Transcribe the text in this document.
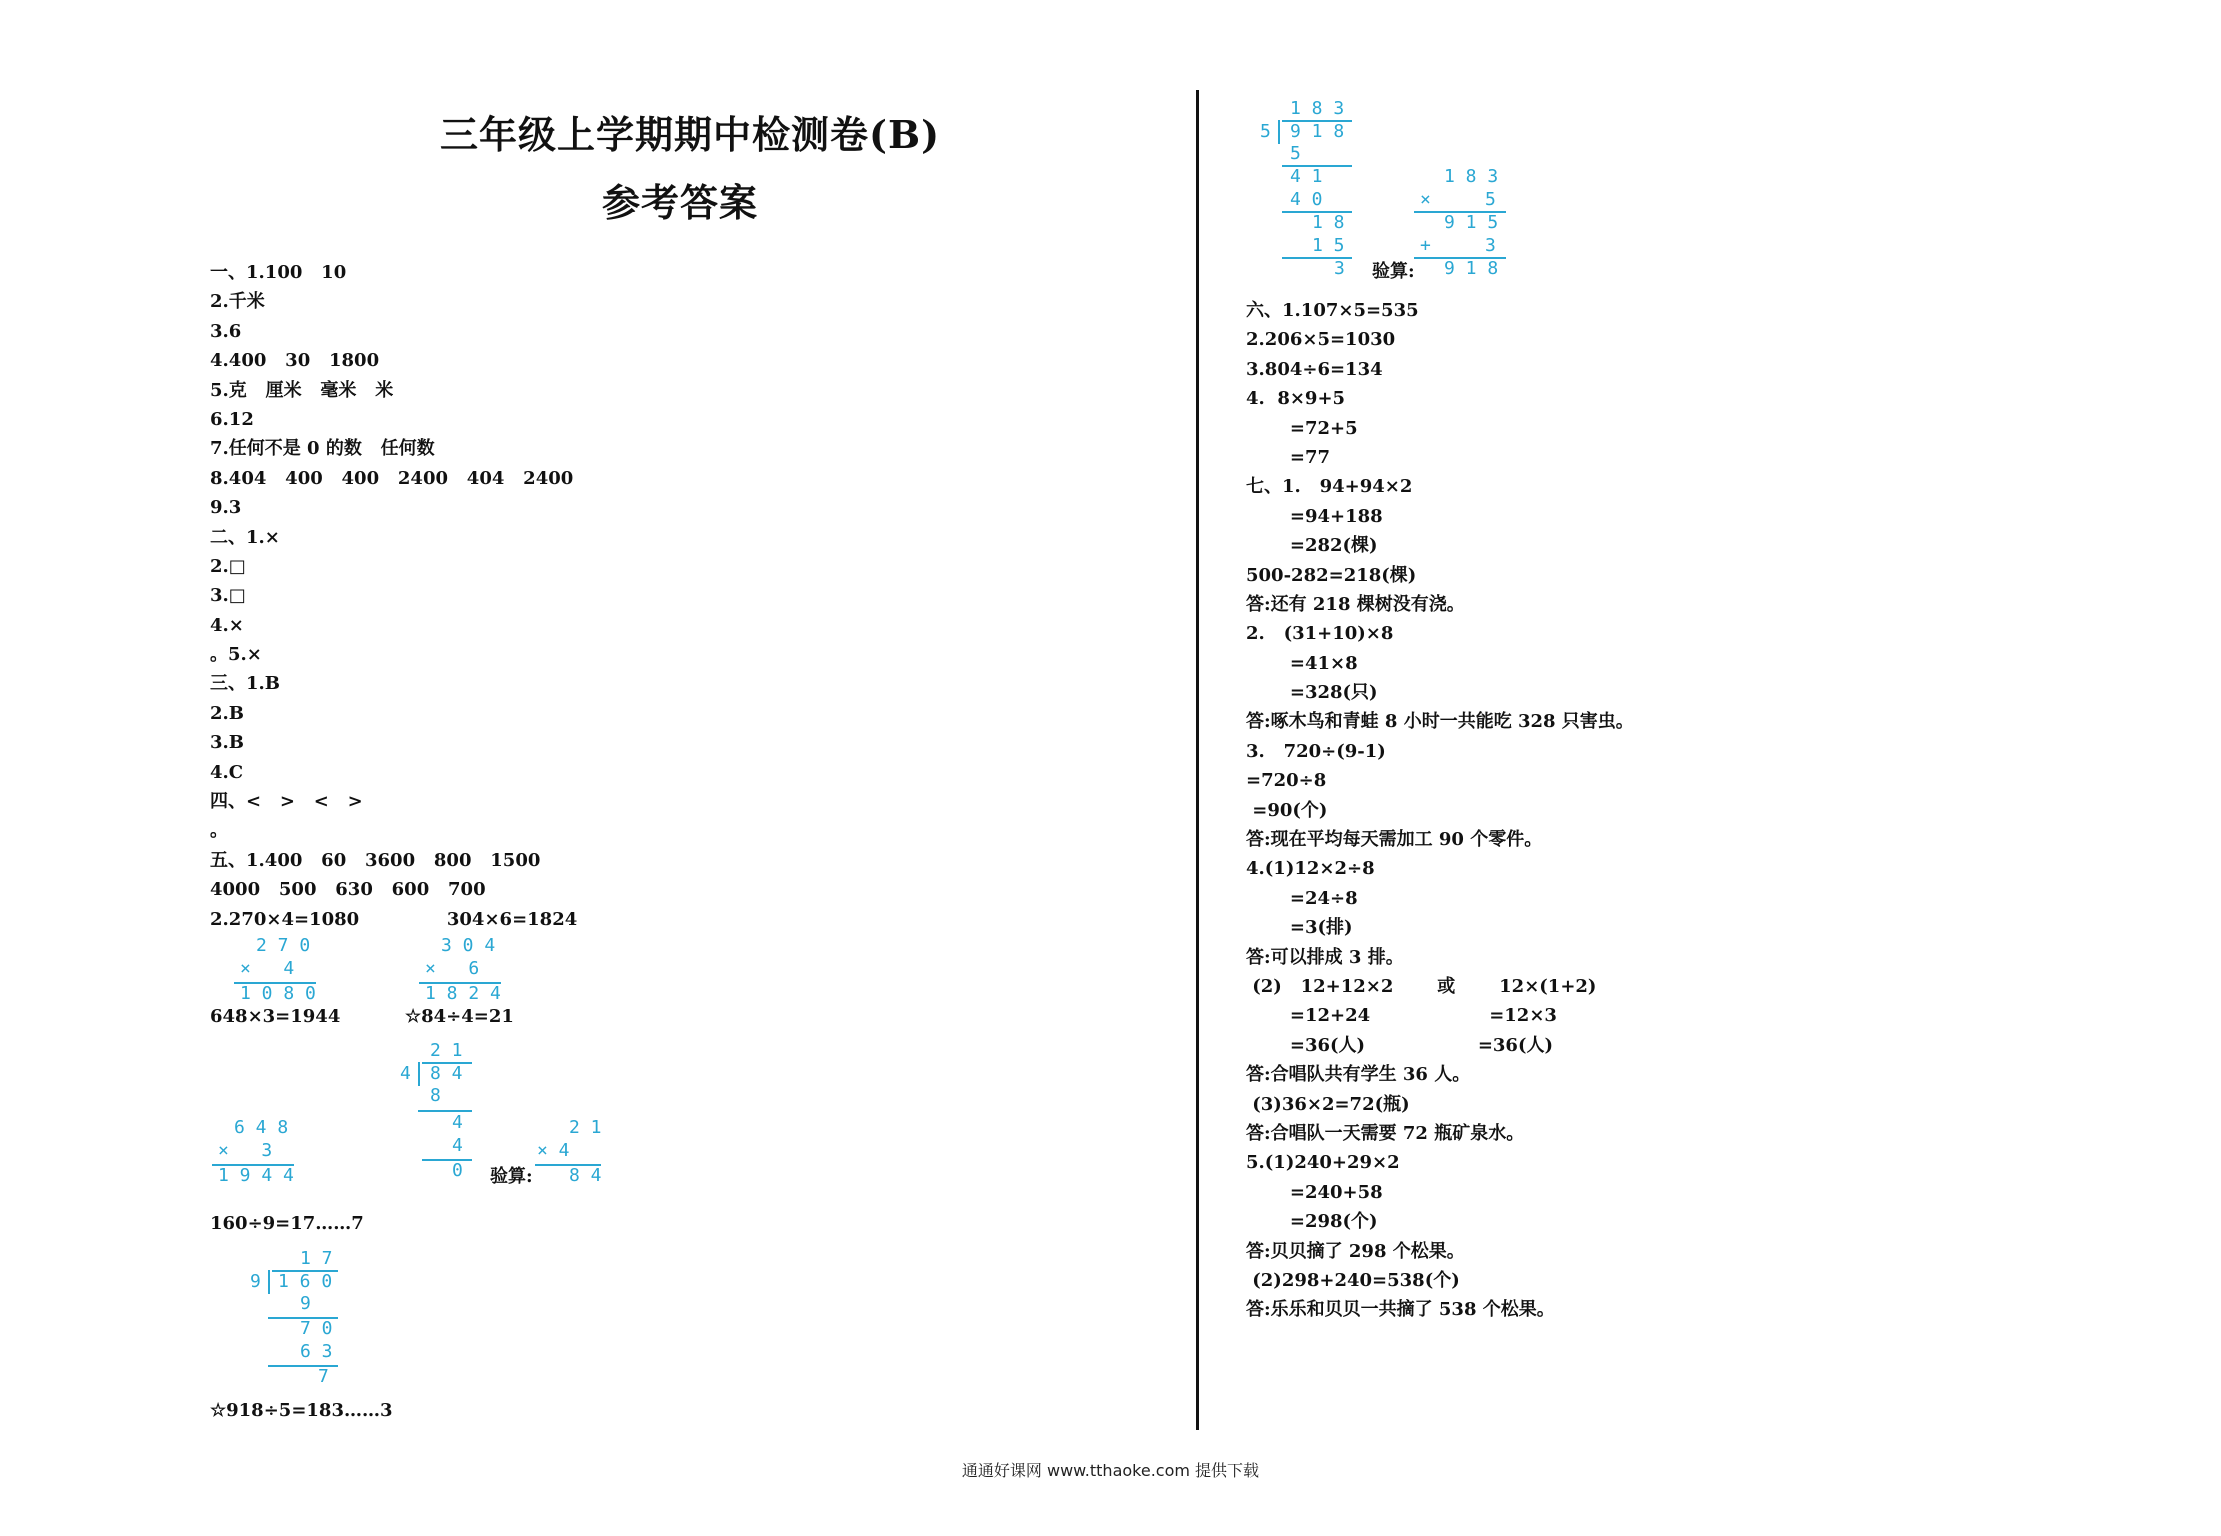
三年级上学期期中检测卷(B)
参考答案
一、1.100   10
2.千米
3.6
4.400   30   1800
5.克   厘米   毫米   米
6.12
7.任何不是 0 的数   任何数
8.404   400   400   2400   404   2400
9.3
二、1.×
2.□
3.□
4.×
。5.×
三、1.B
2.B
3.B
4.C
四、<   >   <   >
。
五、1.400   60   3600   800   1500
4000   500   630   600   700
2.270×4=1080              304×6=1824
2 7 0
×   4
1 0 8 0
3 0 4
×   6
1 8 2 4
648×3=1944	☆84÷4=21
2 1
4 8 4
8
4
4
0
6 4 8
×   3
1 9 4 4	验算:
2 1
× 4
8 4
160÷9=17……7
1 7
9 1 6 0
9
7 0
6 3
7
☆918÷5=183……3
1 8 3
5 9 1 8
5
4 1
4 0
1 8
1 5
3
1 8 3
×     5
9 1 5
+     3
9 1 8
验算:
六、1.107×5=535
2.206×5=1030
3.804÷6=134
4.  8×9+5
=72+5
=77
七、1.   94+94×2
=94+188
=282(棵)
500-282=218(棵)
答:还有 218 棵树没有浇。
2.   (31+10)×8
=41×8
=328(只)
答:啄木鸟和青蛙 8 小时一共能吃 328 只害虫。
3.   720÷(9-1)
=720÷8
=90(个)
答:现在平均每天需加工 90 个零件。
4.(1)12×2÷8
=24÷8
=3(排)
答:可以排成 3 排。
(2)   12+12×2       或       12×(1+2)
=12+24                   =12×3
=36(人)                  =36(人)
答:合唱队共有学生 36 人。
(3)36×2=72(瓶)
答:合唱队一天需要 72 瓶矿泉水。
5.(1)240+29×2
=240+58
=298(个)
答:贝贝摘了 298 个松果。
(2)298+240=538(个)
答:乐乐和贝贝一共摘了 538 个松果。
通通好课网 www.tthaoke.com 提供下载
